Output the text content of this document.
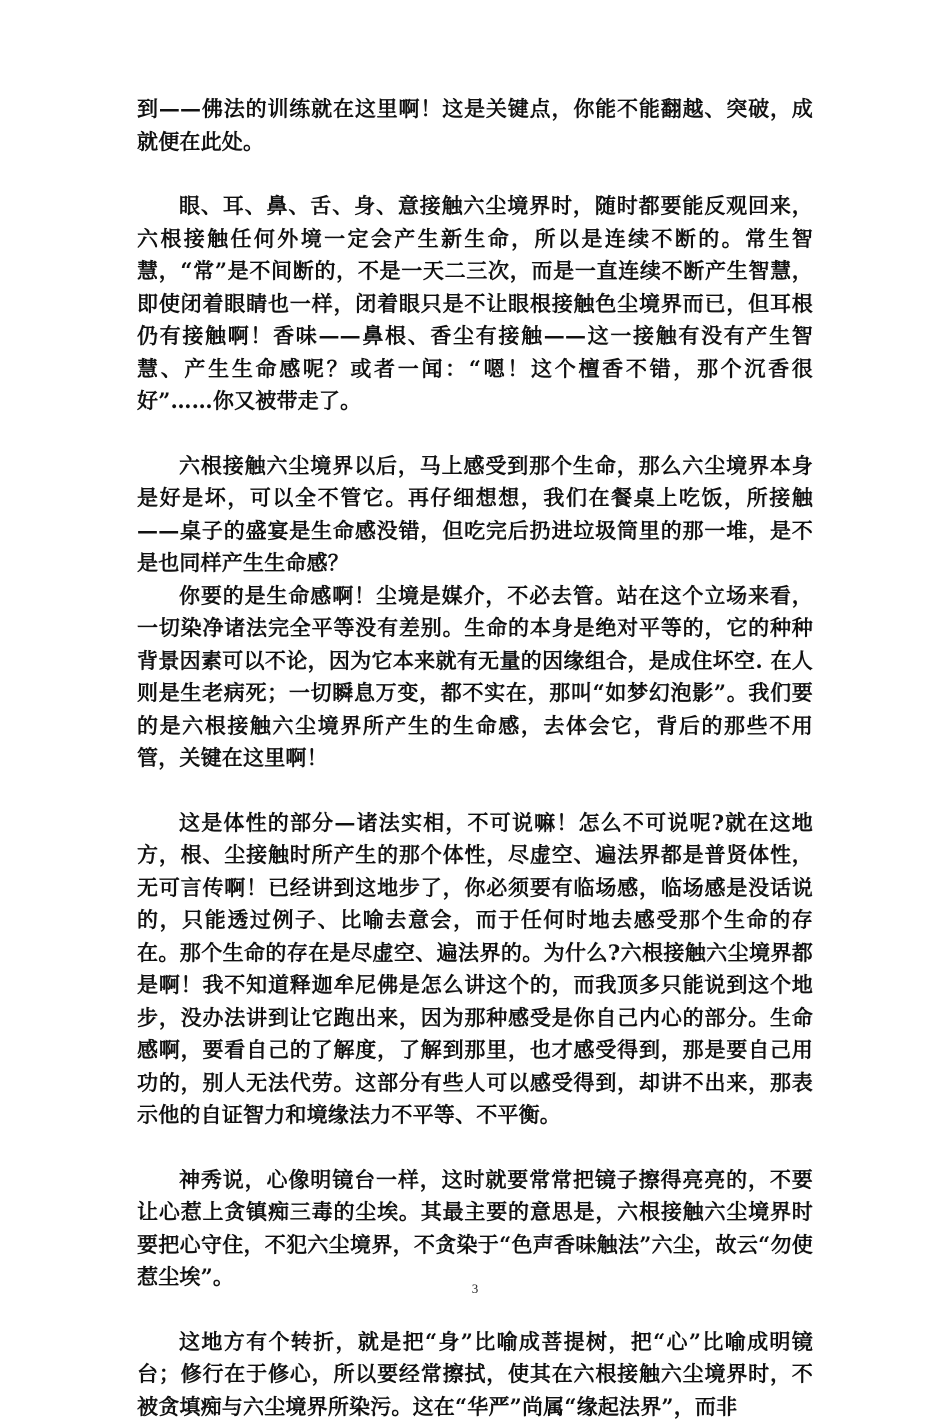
到——佛法的训练就在这里啊！这是关键点，你能不能翻越、突破，成就便在此处。

眼、耳、鼻、舌、身、意接触六尘境界时，随时都要能反观回来，六根接触任何外境一定会产生新生命，所以是连续不断的。常生智慧，“常”是不间断的，不是一天二三次，而是一直连续不断产生智慧，即使闭着眼睛也一样，闭着眼只是不让眼根接触色尘境界而已，但耳根仍有接触啊！香味——鼻根、香尘有接触——这一接触有没有产生智慧、产生生命感呢？或者一闻：“嗯！这个檀香不错，那个沉香很好”……你又被带走了。

六根接触六尘境界以后，马上感受到那个生命，那么六尘境界本身是好是坏，可以全不管它。再仔细想想，我们在餐桌上吃饭，所接触——桌子的盛宴是生命感没错，但吃完后扔进垃圾筒里的那一堆，是不是也同样产生生命感？

你要的是生命感啊！尘境是媒介，不必去管。站在这个立场来看，一切染净诸法完全平等没有差别。生命的本身是绝对平等的，它的种种背景因素可以不论，因为它本来就有无量的因缘组合，是成住坏空. 在人则是生老病死；一切瞬息万变，都不实在，那叫“如梦幻泡影”。我们要的是六根接触六尘境界所产生的生命感，去体会它，背后的那些不用管，关键在这里啊！

这是体性的部分—诸法实相，不可说嘛！怎么不可说呢?就在这地方，根、尘接触时所产生的那个体性，尽虚空、遍法界都是普贤体性，无可言传啊！已经讲到这地步了，你必须要有临场感，临场感是没话说的，只能透过例子、比喻去意会，而于任何时地去感受那个生命的存在。那个生命的存在是尽虚空、遍法界的。为什么?六根接触六尘境界都是啊！我不知道释迦牟尼佛是怎么讲这个的，而我顶多只能说到这个地步，没办法讲到让它跑出来，因为那种感受是你自己内心的部分。生命感啊，要看自己的了解度，了解到那里，也才感受得到，那是要自己用功的，别人无法代劳。这部分有些人可以感受得到，却讲不出来，那表示他的自证智力和境缘法力不平等、不平衡。

神秀说，心像明镜台一样，这时就要常常把镜子擦得亮亮的，不要让心惹上贪镇痴三毒的尘埃。其最主要的意思是，六根接触六尘境界时要把心守住，不犯六尘境界，不贪染于“色声香味触法”六尘，故云“勿使惹尘埃”。

这地方有个转折，就是把“身”比喻成菩提树，把“心”比喻成明镜台；修行在于修心，所以要经常擦拭，使其在六根接触六尘境界时，不被贪填痴与六尘境界所染污。这在“华严”尚属“缘起法界”，而非

3
